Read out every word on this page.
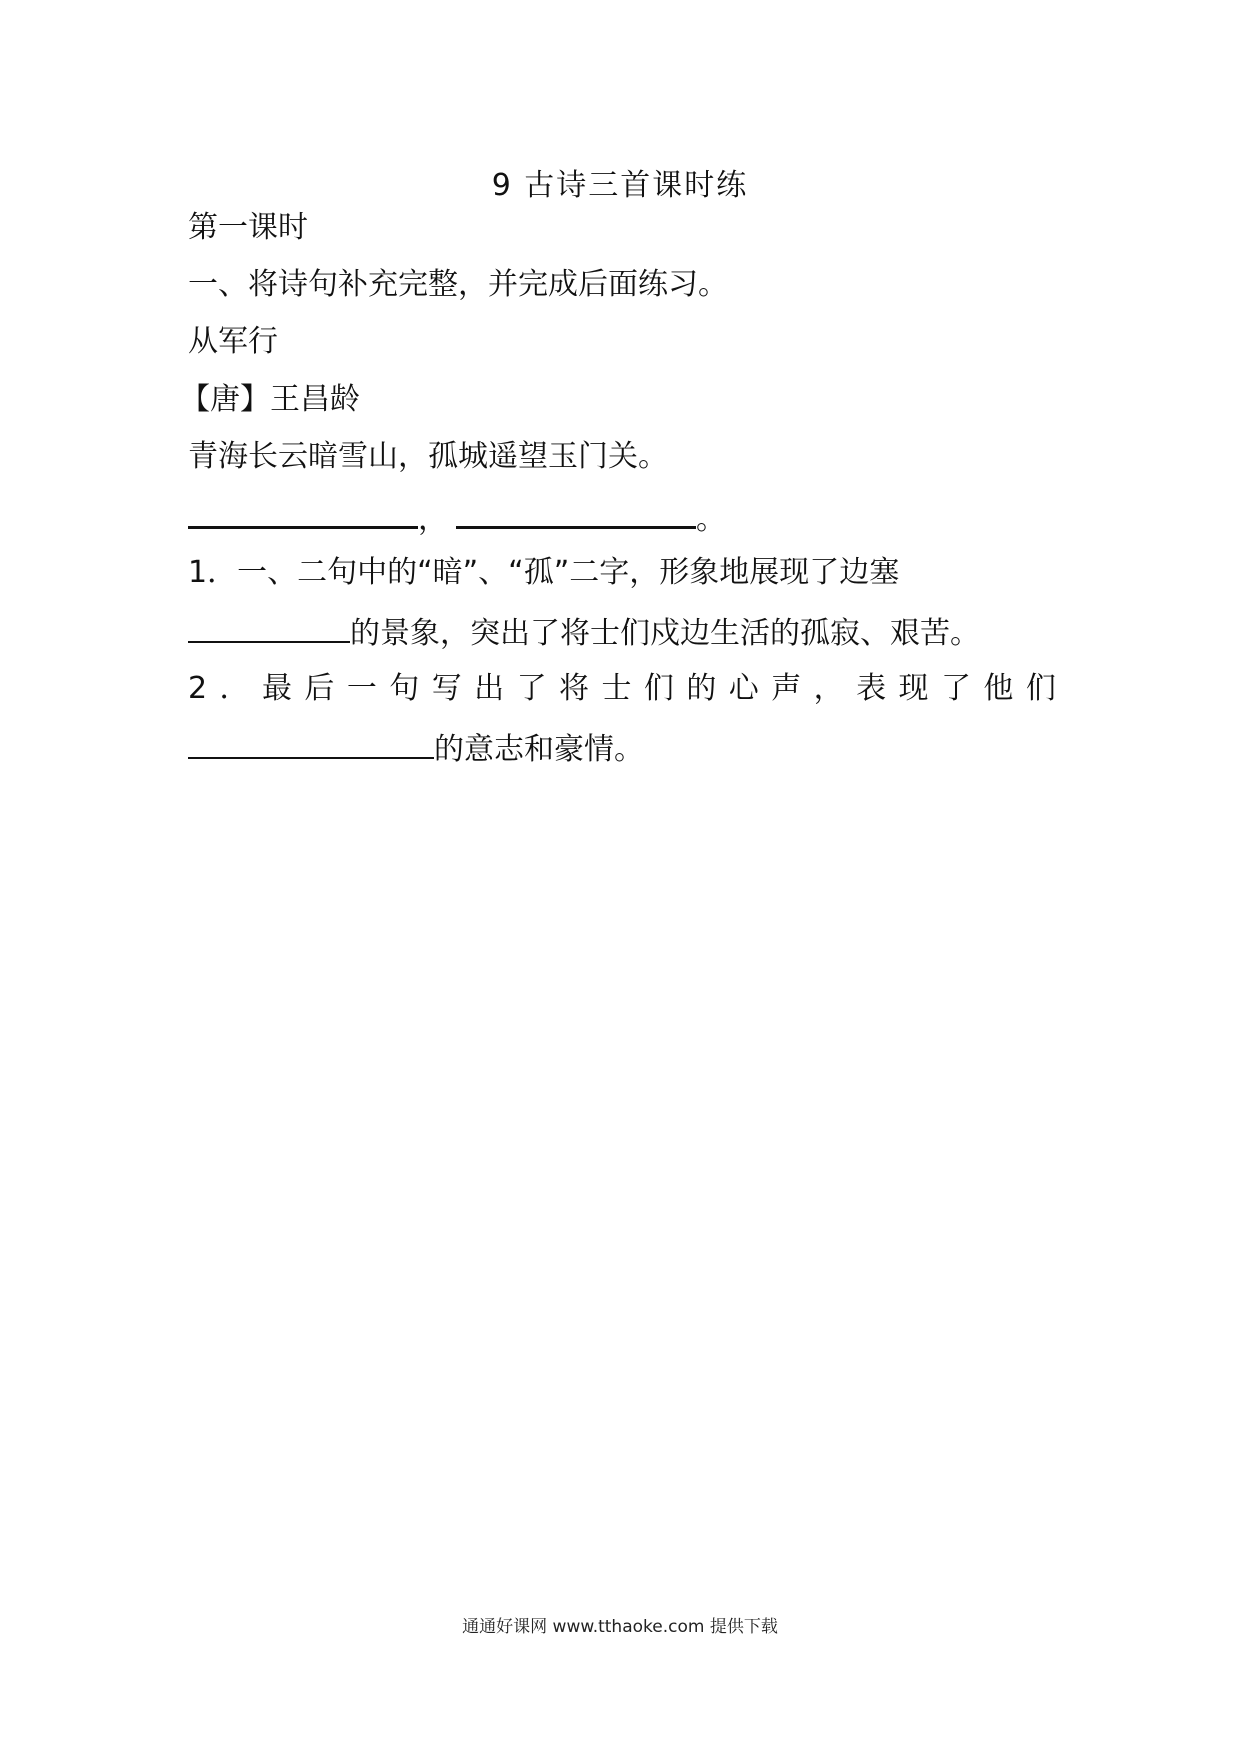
9 古诗三首课时练
第一课时
一、将诗句补充完整，并完成后面练习。
从军行
【唐】王昌龄
青海长云暗雪山，孤城遥望玉门关。
，	。
1．一、二句中的“暗”、“孤”二字，形象地展现了边塞
的景象，突出了将士们戍边生活的孤寂、艰苦。
2 ． 最 后 一 句 写 出 了 将 士 们 的 心 声 ， 表 现 了 他 们
的意志和豪情。
通通好课网 www.tthaoke.com 提供下载
